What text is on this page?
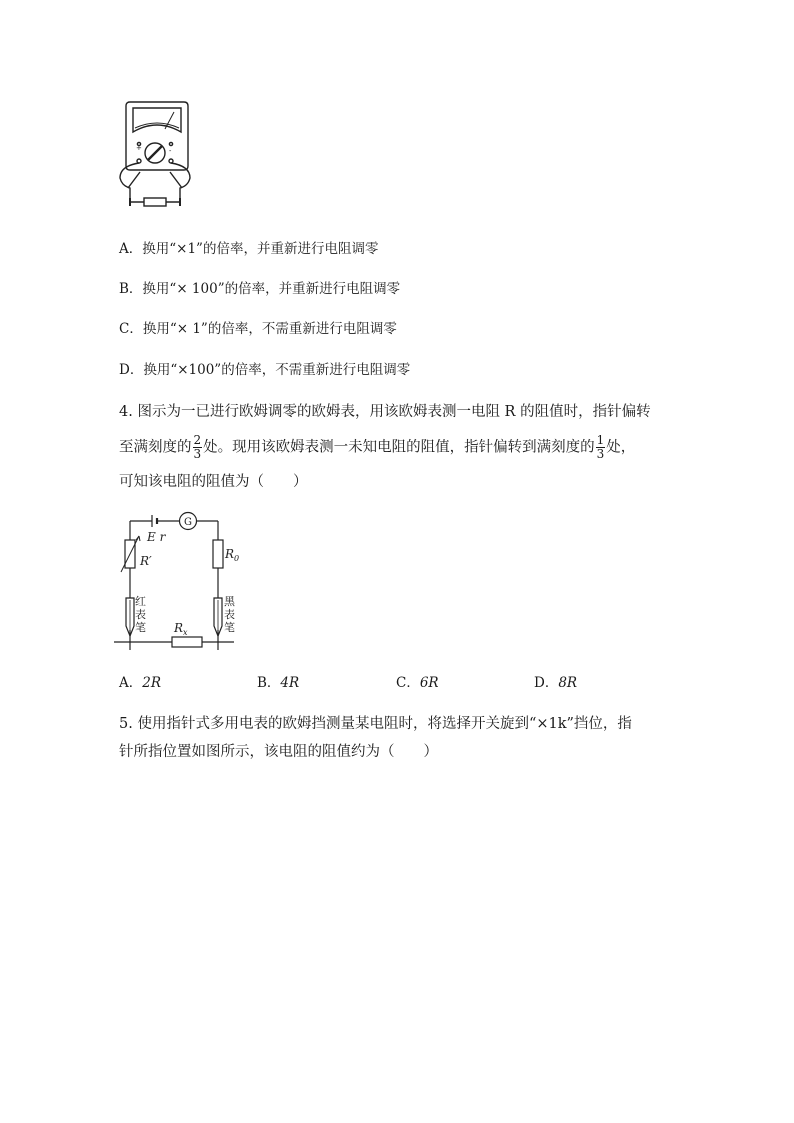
+	-
A．换用“×1”的倍率，并重新进行电阻调零
B．换用“× 100”的倍率，并重新进行电阻调零
C．换用“× 1”的倍率，不需重新进行电阻调零
D．换用“×100”的倍率，不需重新进行电阻调零
4. 图示为一已进行欧姆调零的欧姆表，用该欧姆表测一电阻 R 的阻值时，指针偏转
至满刻度的 $\frac{2}{3}$ 处。现用该欧姆表测一未知电阻的阻值，指针偏转到满刻度的 $\frac{1}{3}$ 处，
可知该电阻的阻值为（　　）
G
E r
R′	$R_0$
$R_x$
红 表 笔
黑 表 笔
A．2R	B．4R	C．6R	D．8R
5. 使用指针式多用电表的欧姆挡测量某电阻时，将选择开关旋到“×1k”挡位，指
针所指位置如图所示，该电阻的阻值约为（　　）
